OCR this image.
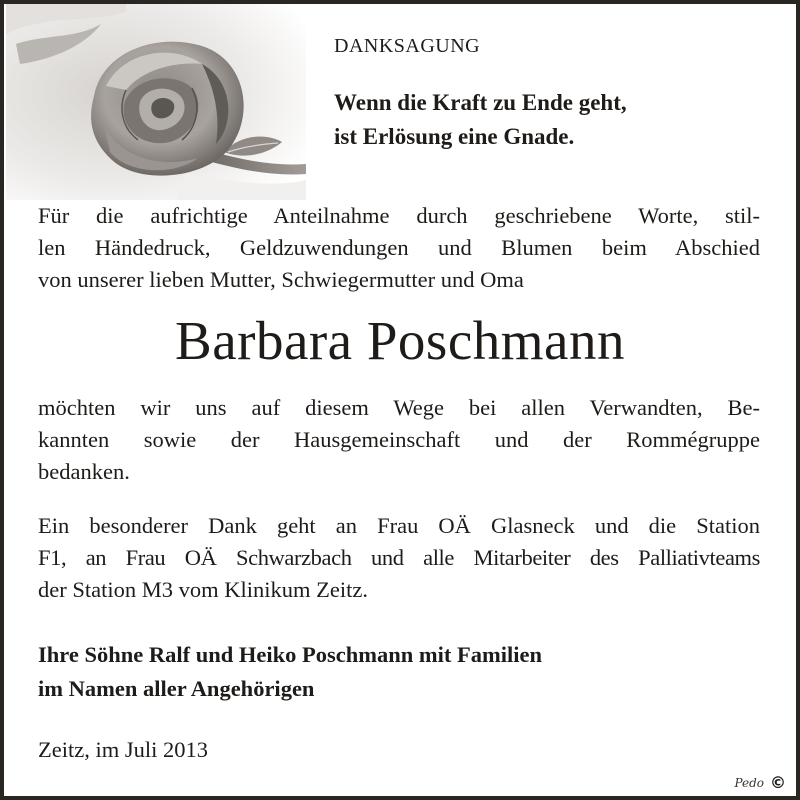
DANKSAGUNG

Wenn die Kraft zu Ende geht,
ist Erlösung eine Gnade.

Für die aufrichtige Anteilnahme durch geschriebene Worte, stil-
len Händedruck, Geldzuwendungen und Blumen beim Abschied
von unserer lieben Mutter, Schwiegermutter und Oma

Barbara Poschmann

möchten wir uns auf diesem Wege bei allen Verwandten, Be-
kannten sowie der Hausgemeinschaft und der Rommégruppe
bedanken.

Ein besonderer Dank geht an Frau OÄ Glasneck und die Station
F1, an Frau OÄ Schwarzbach und alle Mitarbeiter des Palliativteams
der Station M3 vom Klinikum Zeitz.

Ihre Söhne Ralf und Heiko Poschmann mit Familien
im Namen aller Angehörigen

Zeitz, im Juli 2013

Pedo ©
